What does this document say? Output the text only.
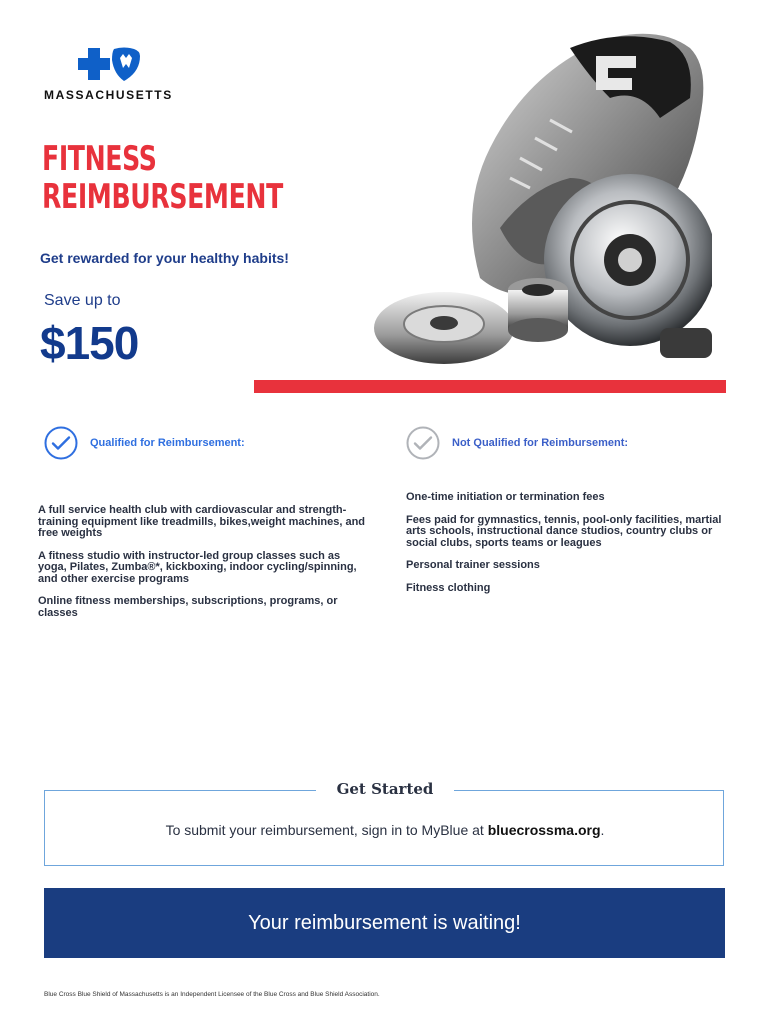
MASSACHUSETTS
FITNESS
REIMBURSEMENT
Get rewarded for your healthy habits!
Save up to
$150
Qualified for Reimbursement:

A full service health club with cardiovascular and strength-training equipment like treadmills, bikes,weight machines, and free weights

A fitness studio with instructor-led group classes such as yoga, Pilates, Zumba®*, kickboxing, indoor cycling/spinning, and other exercise programs

Online fitness memberships, subscriptions, programs, or classes

Not Qualified for Reimbursement:

One-time initiation or termination fees

Fees paid for gymnastics, tennis, pool-only facilities, martial arts schools, instructional dance studios, country clubs or social clubs, sports teams or leagues

Personal trainer sessions

Fitness clothing

Get Started
To submit your reimbursement, sign in to MyBlue at bluecrossma.org.
Your reimbursement is waiting!
Blue Cross Blue Shield of Massachusetts is an Independent Licensee of the Blue Cross and Blue Shield Association.
